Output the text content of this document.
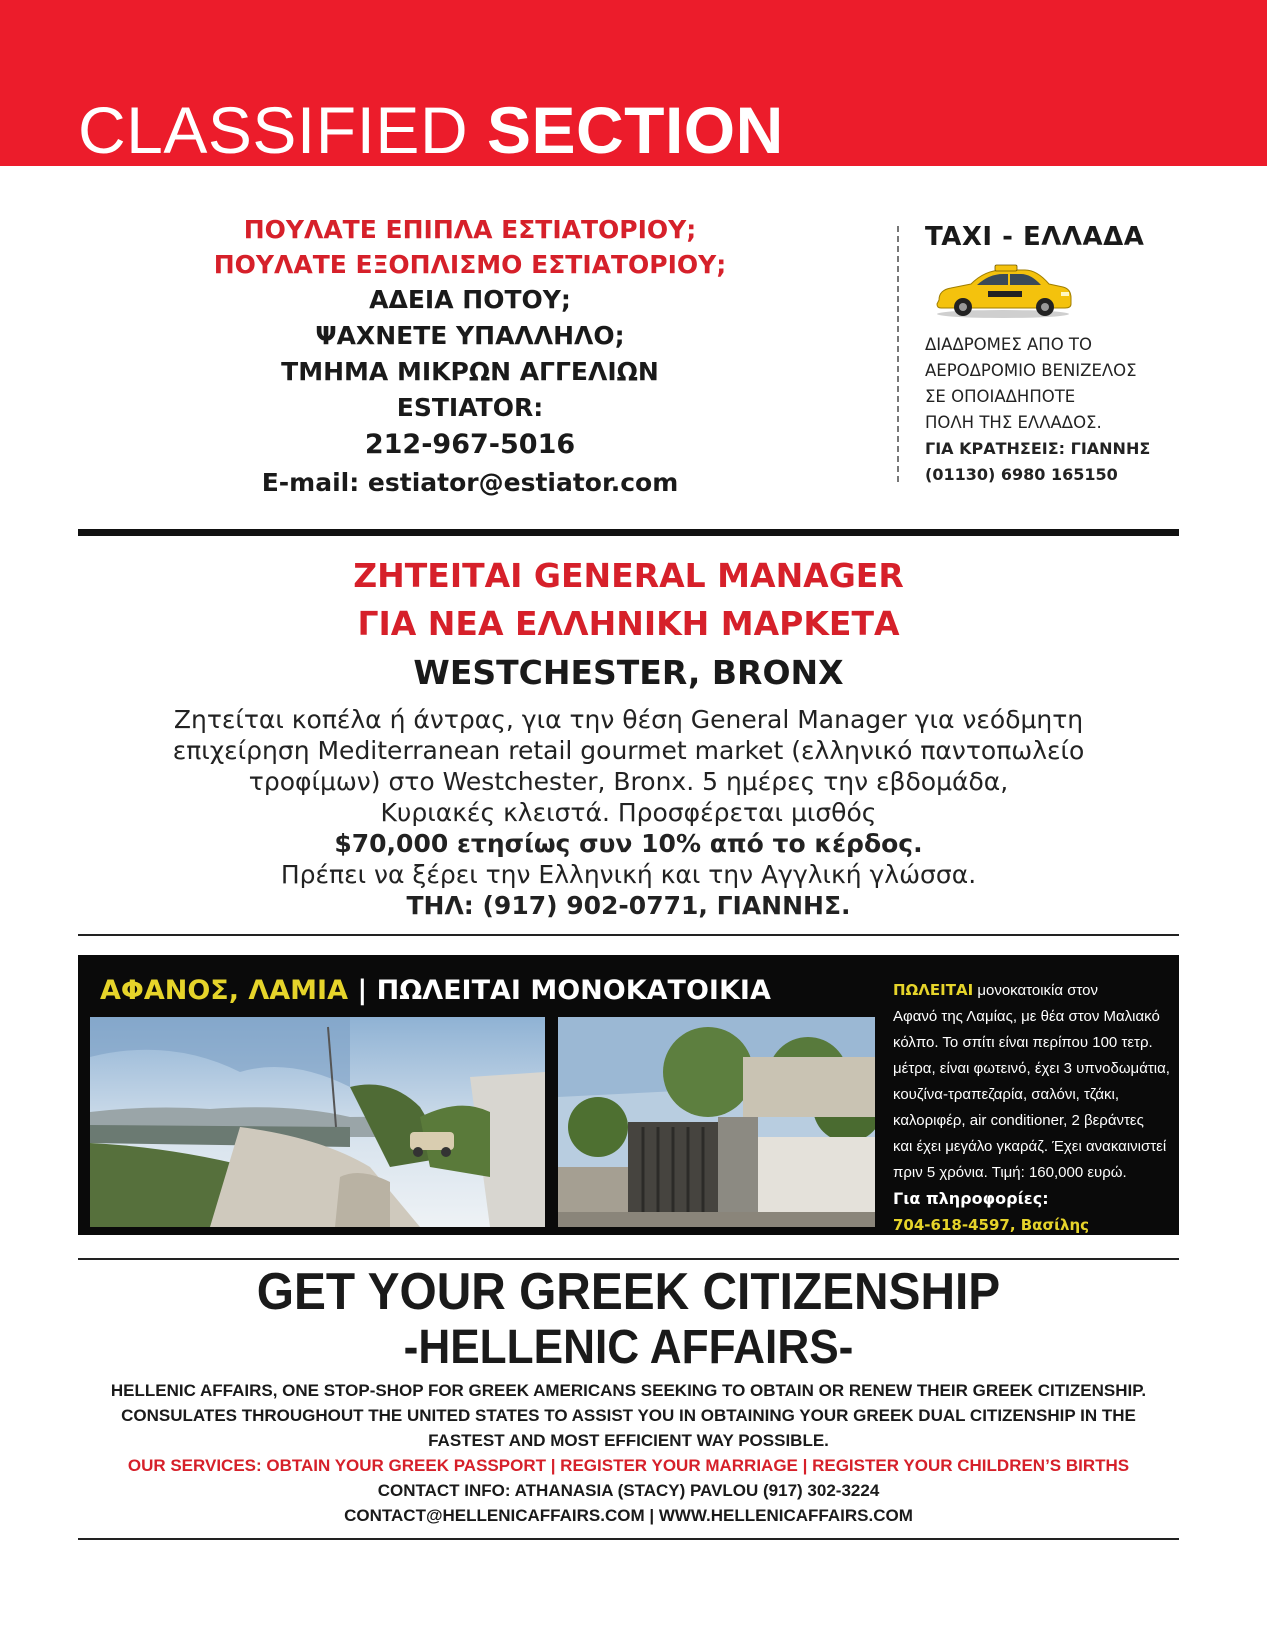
CLASSIFIED SECTION
ΠΟΥΛΑΤΕ ΕΠΙΠΛΑ ΕΣΤΙΑΤΟΡΙΟΥ;
ΠΟΥΛΑΤΕ ΕΞΟΠΛΙΣΜΟ ΕΣΤΙΑΤΟΡΙΟΥ;
ΑΔΕΙΑ ΠΟΤΟΥ;
ΨΑΧΝΕΤΕ ΥΠΑΛΛΗΛΟ;
ΤΜΗΜΑ ΜΙΚΡΩΝ ΑΓΓΕΛΙΩΝ
ESTIATOR:
212-967-5016
E-mail: estiator@estiator.com
TAXI - ΕΛΛΑΔΑ
ΔΙΑΔΡΟΜΕΣ ΑΠΟ ΤΟ
ΑΕΡΟΔΡΟΜΙΟ ΒΕΝΙΖΕΛΟΣ
ΣΕ ΟΠΟΙΑΔΗΠΟΤΕ
ΠΟΛΗ ΤΗΣ ΕΛΛΑΔΟΣ.
ΓΙΑ ΚΡΑΤΗΣΕΙΣ: ΓΙΑΝΝΗΣ
(01130) 6980 165150
ΖΗΤΕΙΤΑΙ GENERAL MANAGER
ΓΙΑ ΝΕΑ ΕΛΛΗΝΙΚΗ ΜΑΡΚΕΤΑ
WESTCHESTER, BRONX
Ζητείται κοπέλα ή άντρας, για την θέση General Manager για νεόδμητη
επιχείρηση Mediterranean retail gourmet market (ελληνικό παντοπωλείο
τροφίμων) στο Westchester, Bronx. 5 ημέρες την εβδομάδα,
Κυριακές κλειστά. Προσφέρεται μισθός
$70,000 ετησίως συν 10% από το κέρδος.
Πρέπει να ξέρει την Ελληνική και την Αγγλική γλώσσα.
ΤΗΛ: (917) 902-0771, ΓΙΑΝΝΗΣ.
ΑΦΑΝΟΣ, ΛΑΜΙΑ | ΠΩΛΕΙΤΑΙ ΜΟΝΟΚΑΤΟΙΚΙΑ	ΠΩΛΕΙΤΑΙ μονοκατοικία στον
Αφανό της Λαμίας, με θέα στον Μαλιακό
κόλπο. Το σπίτι είναι περίπου 100 τετρ.
μέτρα, είναι φωτεινό, έχει 3 υπνοδωμάτια,
κουζίνα-τραπεζαρία, σαλόνι, τζάκι,
καλοριφέρ, air conditioner, 2 βεράντες
και έχει μεγάλο γκαράζ. Έχει ανακαινιστεί
πριν 5 χρόνια. Τιμή: 160,000 ευρώ.
Για πληροφορίες:
704-618-4597, Βασίλης
GET YOUR GREEK CITIZENSHIP
-HELLENIC AFFAIRS-
HELLENIC AFFAIRS, ONE STOP-SHOP FOR GREEK AMERICANS SEEKING TO OBTAIN OR RENEW THEIR GREEK CITIZENSHIP.
CONSULATES THROUGHOUT THE UNITED STATES TO ASSIST YOU IN OBTAINING YOUR GREEK DUAL CITIZENSHIP IN THE
FASTEST AND MOST EFFICIENT WAY POSSIBLE.
OUR SERVICES: OBTAIN YOUR GREEK PASSPORT | REGISTER YOUR MARRIAGE | REGISTER YOUR CHILDREN’S BIRTHS
CONTACT INFO: ATHANASIA (STACY) PAVLOU (917) 302-3224
CONTACT@HELLENICAFFAIRS.COM | WWW.HELLENICAFFAIRS.COM
